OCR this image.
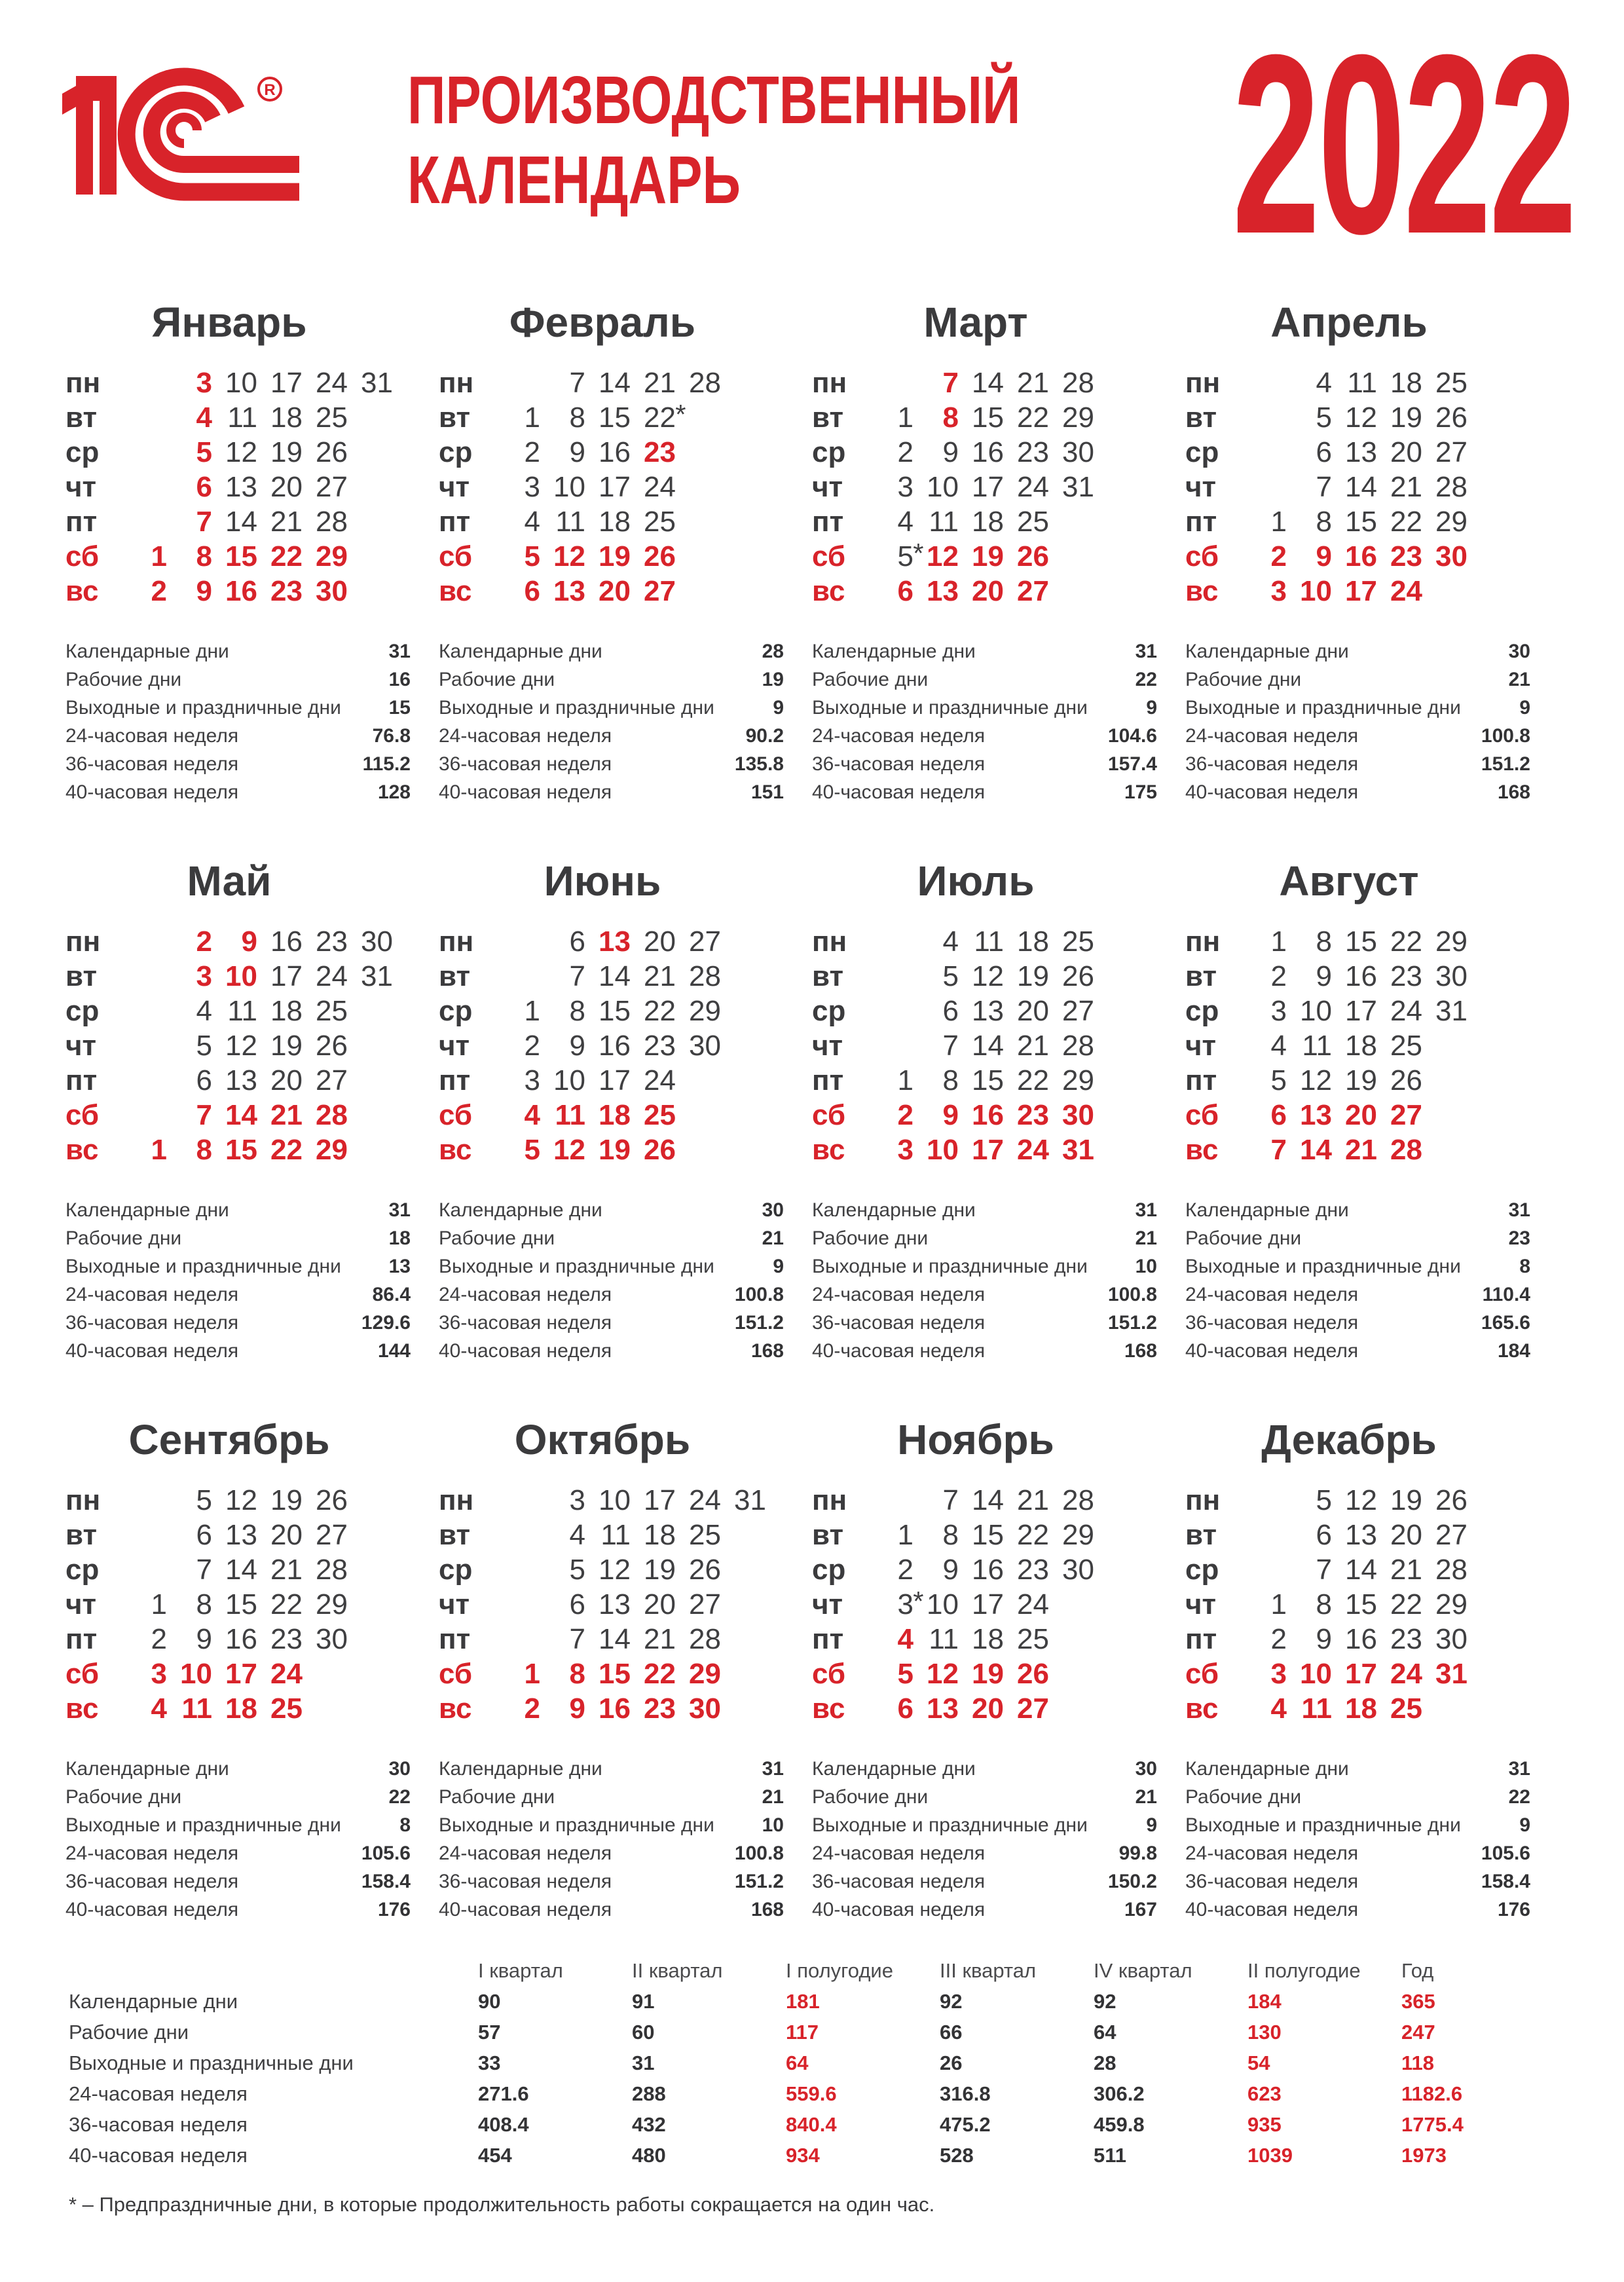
R ПРОИЗВОДСТВЕННЫЙ
КАЛЕНДАРЬ	2022
Январь
пн	3 10 17 24 31
вт	4 11 18 25
ср	5 12 19 26
чт	6 13 20 27
пт	7 14 21 28
сб	1	8 15 22 29
вс	2	9 16 23 30
Календарные дни	31
Рабочие дни	16
Выходные и праздничные дни 15
24-часовая неделя	76.8
36-часовая неделя	115.2
40-часовая неделя	128
Февраль
пн	7 14 21 28
вт	1	8 15 22 *
ср	2	9 16 23
чт	3 10 17 24
пт	4 11 18 25
сб	5 12 19 26
вс	6 13 20 27
Календарные дни	28
Рабочие дни	19
Выходные и праздничные дни	9
24-часовая неделя	90.2
36-часовая неделя	135.8
40-часовая неделя	151
Март
пн	7 14 21 28
вт	1	8 15 22 29
ср	2	9 16 23 30
чт	3 10 17 24 31
пт	4 11 18 25
сб	5 * 12 19 26
вс	6 13 20 27
Календарные дни	31
Рабочие дни	22
Выходные и праздничные дни	9
24-часовая неделя	104.6
36-часовая неделя	157.4
40-часовая неделя	175
Апрель
пн	4 11 18 25
вт	5 12 19 26
ср	6 13 20 27
чт	7 14 21 28
пт	1	8 15 22 29
сб	2	9 16 23 30
вс	3 10 17 24
Календарные дни	30
Рабочие дни	21
Выходные и праздничные дни	9
24-часовая неделя	100.8
36-часовая неделя	151.2
40-часовая неделя	168
Май
пн	2	9 16 23 30
вт	3 10 17 24 31
ср	4 11 18 25
чт	5 12 19 26
пт	6 13 20 27
сб	7 14 21 28
вс	1	8 15 22 29
Календарные дни	31
Рабочие дни	18
Выходные и праздничные дни 13
24-часовая неделя	86.4
36-часовая неделя	129.6
40-часовая неделя	144
Июнь
пн	6 13 20 27
вт	7 14 21 28
ср	1	8 15 22 29
чт	2	9 16 23 30
пт	3 10 17 24
сб	4 11 18 25
вс	5 12 19 26
Календарные дни	30
Рабочие дни	21
Выходные и праздничные дни	9
24-часовая неделя	100.8
36-часовая неделя	151.2
40-часовая неделя	168
Июль
пн	4 11 18 25
вт	5 12 19 26
ср	6 13 20 27
чт	7 14 21 28
пт	1	8 15 22 29
сб	2	9 16 23 30
вс	3 10 17 24 31
Календарные дни	31
Рабочие дни	21
Выходные и праздничные дни 10
24-часовая неделя	100.8
36-часовая неделя	151.2
40-часовая неделя	168
Август
пн	1	8 15 22 29
вт	2	9 16 23 30
ср	3 10 17 24 31
чт	4 11 18 25
пт	5 12 19 26
сб	6 13 20 27
вс	7 14 21 28
Календарные дни	31
Рабочие дни	23
Выходные и праздничные дни	8
24-часовая неделя	110.4
36-часовая неделя	165.6
40-часовая неделя	184
Сентябрь
пн	5 12 19 26
вт	6 13 20 27
ср	7 14 21 28
чт	1	8 15 22 29
пт	2	9 16 23 30
сб	3 10 17 24
вс	4 11 18 25
Календарные дни	30
Рабочие дни	22
Выходные и праздничные дни	8
24-часовая неделя	105.6
36-часовая неделя	158.4
40-часовая неделя	176
Октябрь
пн	3 10 17 24 31
вт	4 11 18 25
ср	5 12 19 26
чт	6 13 20 27
пт	7 14 21 28
сб	1	8 15 22 29
вс	2	9 16 23 30
Календарные дни	31
Рабочие дни	21
Выходные и праздничные дни 10
24-часовая неделя	100.8
36-часовая неделя	151.2
40-часовая неделя	168
Ноябрь
пн	7 14 21 28
вт	1	8 15 22 29
ср	2	9 16 23 30
чт	3 * 10 17 24
пт	4 11 18 25
сб	5 12 19 26
вс	6 13 20 27
Календарные дни	30
Рабочие дни	21
Выходные и праздничные дни	9
24-часовая неделя	99.8
36-часовая неделя	150.2
40-часовая неделя	167
Декабрь
пн	5 12 19 26
вт	6 13 20 27
ср	7 14 21 28
чт	1	8 15 22 29
пт	2	9 16 23 30
сб	3 10 17 24 31
вс	4 11 18 25
Календарные дни	31
Рабочие дни	22
Выходные и праздничные дни	9
24-часовая неделя	105.6
36-часовая неделя	158.4
40-часовая неделя	176
I квартал	II квартал	I полугодие	III квартал	IV квартал	II полугодие	Год
Календарные дни	90	91	181	92	92	184	365
Рабочие дни	57	60	117	66	64	130	247
Выходные и праздничные дни	33	31	64	26	28	54	118
24-часовая неделя	271.6	288	559.6	316.8	306.2	623	1182.6
36-часовая неделя	408.4	432	840.4	475.2	459.8	935	1775.4
40-часовая неделя	454	480	934	528	511	1039	1973
* – Предпраздничные дни, в которые продолжительность работы сокращается на один час.
